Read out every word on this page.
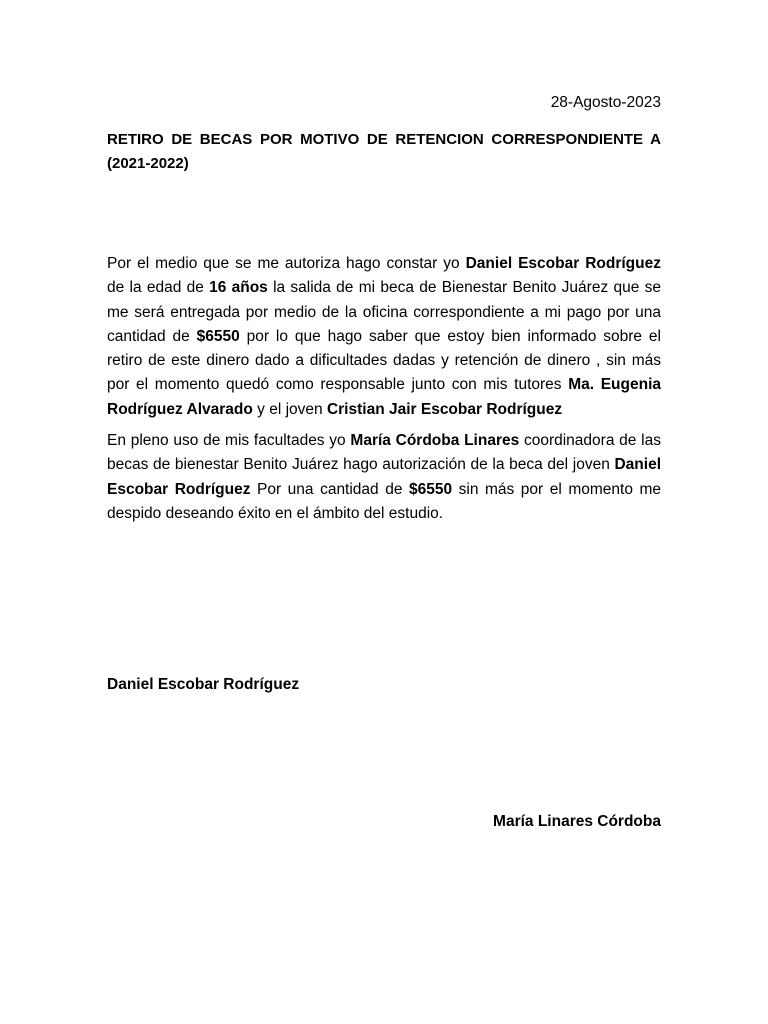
28-Agosto-2023
RETIRO DE BECAS POR MOTIVO DE RETENCION CORRESPONDIENTE A (2021-2022)

Por el medio que se me autoriza hago constar yo Daniel Escobar Rodríguez de la edad de 16 años la salida de mi beca de Bienestar Benito Juárez que se me será entregada por medio de la oficina correspondiente a mi pago por una cantidad de $6550 por lo que hago saber que estoy bien informado sobre el retiro de este dinero dado a dificultades dadas y retención de dinero , sin más por el momento quedó como responsable junto con mis tutores Ma. Eugenia Rodríguez Alvarado y el joven Cristian Jair Escobar Rodríguez

En pleno uso de mis facultades yo María Córdoba Linares coordinadora de las becas de bienestar Benito Juárez hago autorización de la beca del joven Daniel Escobar Rodríguez Por una cantidad de $6550 sin más por el momento me despido deseando éxito en el ámbito del estudio.

Daniel Escobar Rodríguez
María Linares Córdoba
